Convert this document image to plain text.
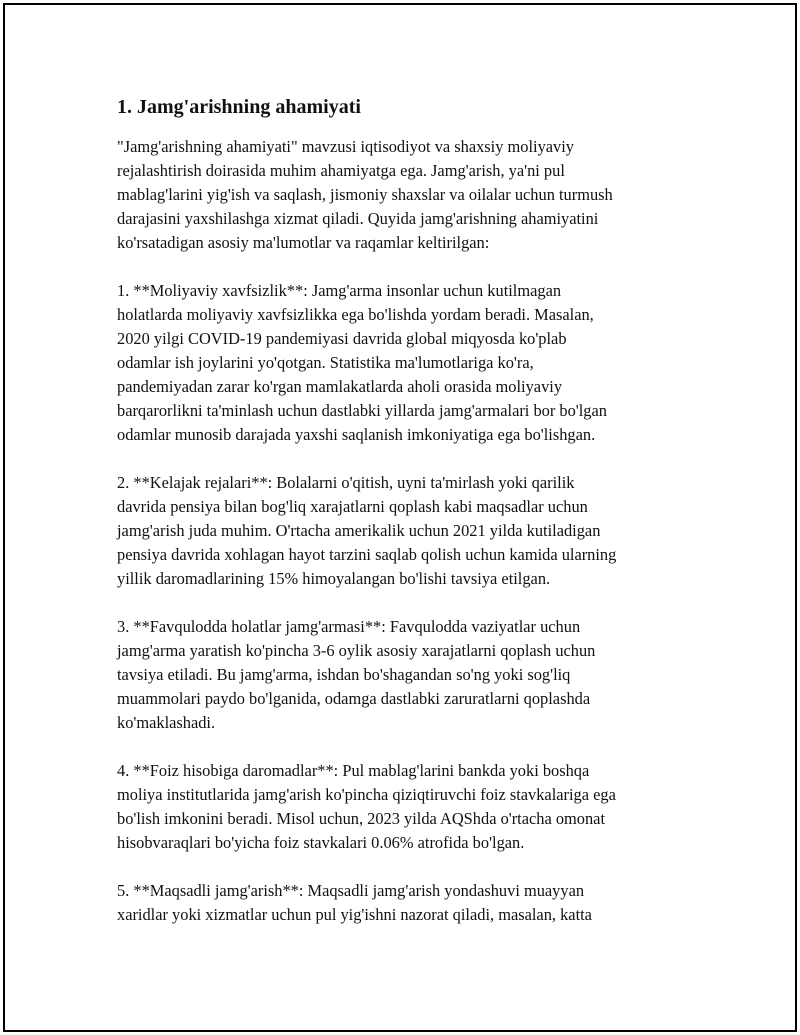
1. Jamg'arishning ahamiyati
"Jamg'arishning ahamiyati" mavzusi iqtisodiyot va shaxsiy moliyaviy
rejalashtirish doirasida muhim ahamiyatga ega. Jamg'arish, ya'ni pul
mablag'larini yig'ish va saqlash, jismoniy shaxslar va oilalar uchun turmush
darajasini yaxshilashga xizmat qiladi. Quyida jamg'arishning ahamiyatini
ko'rsatadigan asosiy ma'lumotlar va raqamlar keltirilgan:
1. **Moliyaviy xavfsizlik**: Jamg'arma insonlar uchun kutilmagan
holatlarda moliyaviy xavfsizlikka ega bo'lishda yordam beradi. Masalan,
2020 yilgi COVID-19 pandemiyasi davrida global miqyosda ko'plab
odamlar ish joylarini yo'qotgan. Statistika ma'lumotlariga ko'ra,
pandemiyadan zarar ko'rgan mamlakatlarda aholi orasida moliyaviy
barqarorlikni ta'minlash uchun dastlabki yillarda jamg'armalari bor bo'lgan
odamlar munosib darajada yaxshi saqlanish imkoniyatiga ega bo'lishgan.
2. **Kelajak rejalari**: Bolalarni o'qitish, uyni ta'mirlash yoki qarilik
davrida pensiya bilan bog'liq xarajatlarni qoplash kabi maqsadlar uchun
jamg'arish juda muhim. O'rtacha amerikalik uchun 2021 yilda kutiladigan
pensiya davrida xohlagan hayot tarzini saqlab qolish uchun kamida ularning
yillik daromadlarining 15% himoyalangan bo'lishi tavsiya etilgan.
3. **Favqulodda holatlar jamg'armasi**: Favqulodda vaziyatlar uchun
jamg'arma yaratish ko'pincha 3-6 oylik asosiy xarajatlarni qoplash uchun
tavsiya etiladi. Bu jamg'arma, ishdan bo'shagandan so'ng yoki sog'liq
muammolari paydo bo'lganida, odamga dastlabki zaruratlarni qoplashda
ko'maklashadi.
4. **Foiz hisobiga daromadlar**: Pul mablag'larini bankda yoki boshqa
moliya institutlarida jamg'arish ko'pincha qiziqtiruvchi foiz stavkalariga ega
bo'lish imkonini beradi. Misol uchun, 2023 yilda AQShda o'rtacha omonat
hisobvaraqlari bo'yicha foiz stavkalari 0.06% atrofida bo'lgan.
5. **Maqsadli jamg'arish**: Maqsadli jamg'arish yondashuvi muayyan
xaridlar yoki xizmatlar uchun pul yig'ishni nazorat qiladi, masalan, katta
